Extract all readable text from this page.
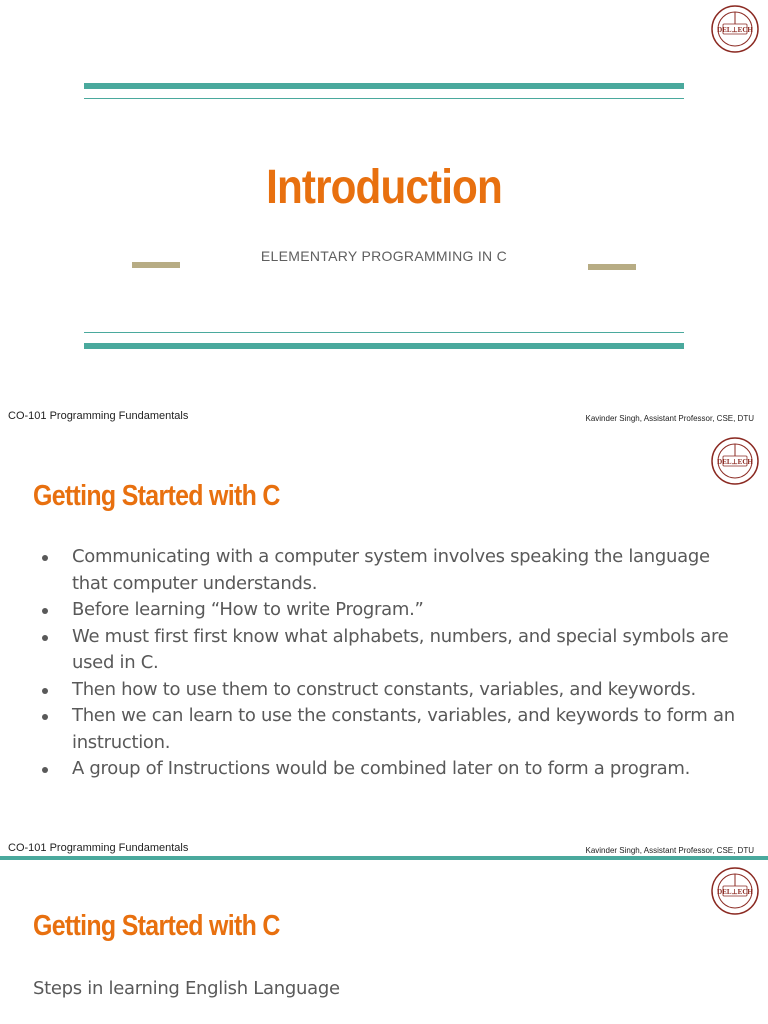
DEL⊥ECH
Introduction
ELEMENTARY PROGRAMMING IN C
CO-101 Programming Fundamentals	Kavinder Singh, Assistant Professor, CSE, DTU
DEL⊥ECH
Getting Started with C
Communicating with a computer system involves speaking the language that computer understands.
Before learning “How to write Program.”
We must first first know what alphabets, numbers, and special symbols are used in C.
Then how to use them to construct constants, variables, and keywords.
Then we can learn to use the constants, variables, and keywords to form an instruction.
A group of Instructions would be combined later on to form a program.
CO-101 Programming Fundamentals	Kavinder Singh, Assistant Professor, CSE, DTU
DEL⊥ECH
Getting Started with C
Steps in learning English Language
